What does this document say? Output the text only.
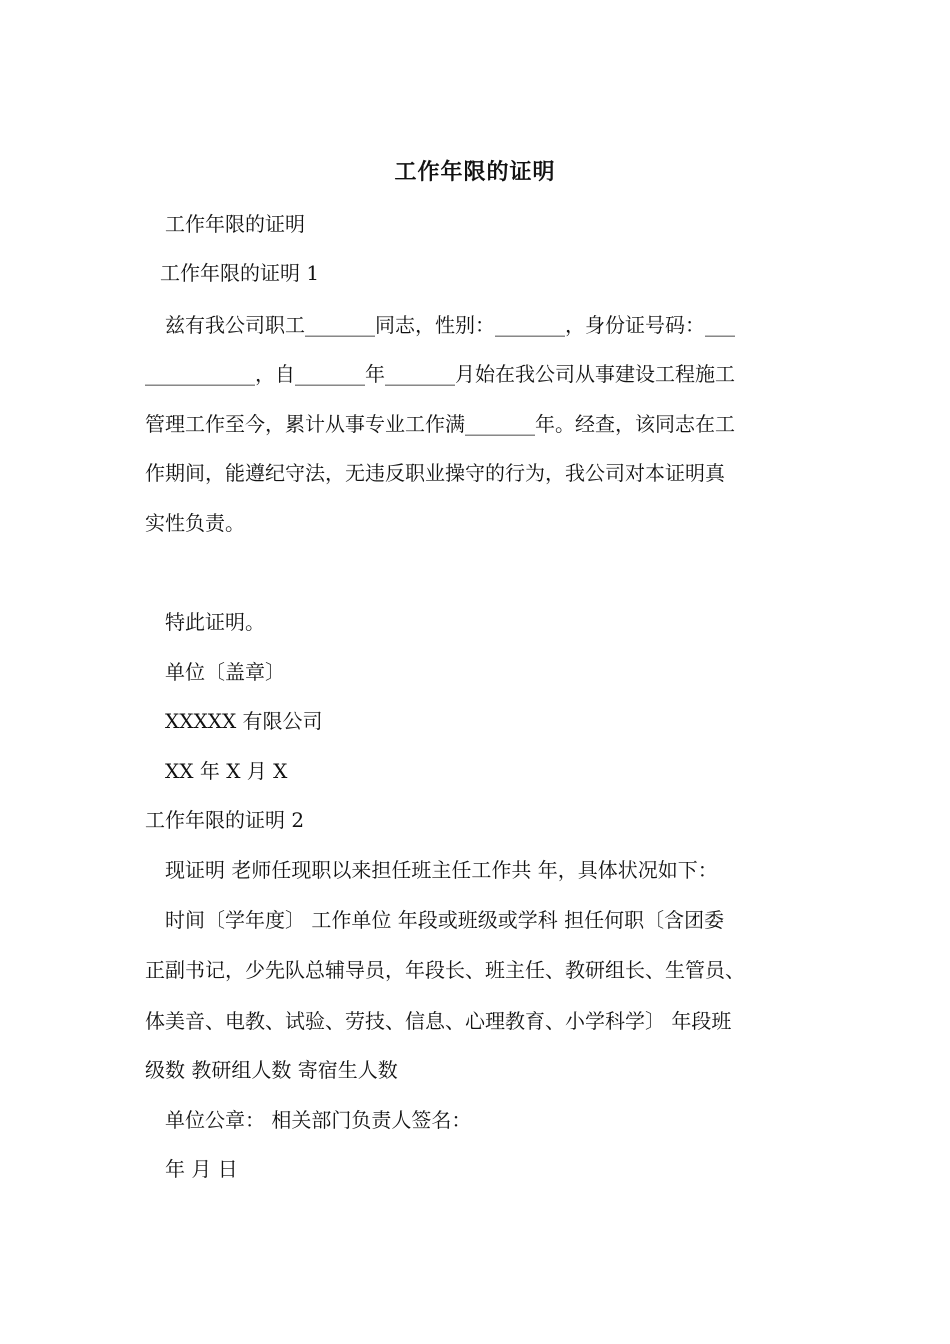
工作年限的证明
工作年限的证明
工作年限的证明 1
兹有我公司职工_______同志，性别：_______，身份证号码：___
___________，自_______年_______月始在我公司从事建设工程施工
管理工作至今，累计从事专业工作满_______年。经查，该同志在工
作期间，能遵纪守法，无违反职业操守的行为，我公司对本证明真
实性负责。
特此证明。
单位〔盖章〕
XXXXX 有限公司
XX 年 X 月 X
工作年限的证明 2
现证明 老师任现职以来担任班主任工作共 年，具体状况如下：
时间〔学年度〕 工作单位 年段或班级或学科 担任何职〔含团委
正副书记，少先队总辅导员，年段长、班主任、教研组长、生管员、
体美音、电教、试验、劳技、信息、心理教育、小学科学〕 年段班
级数 教研组人数 寄宿生人数
单位公章： 相关部门负责人签名：
年 月 日
